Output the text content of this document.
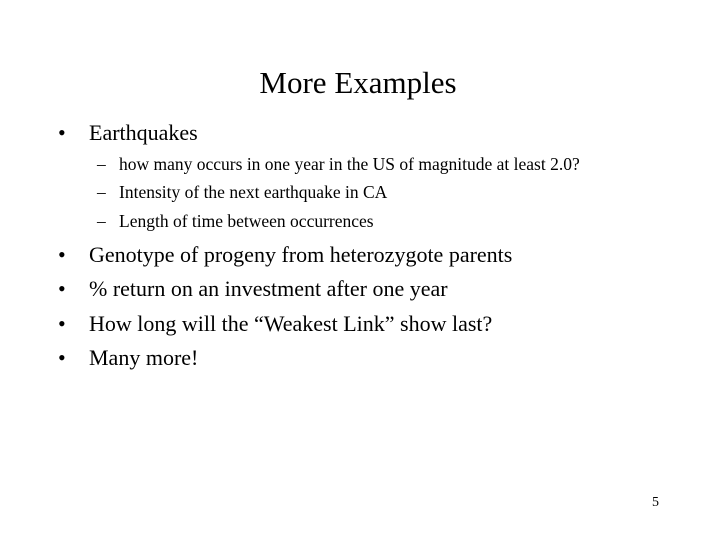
More Examples
• Earthquakes
– how many occurs in one year in the US of magnitude at least 2.0?
– Intensity of the next earthquake in CA
– Length of time between occurrences
• Genotype of progeny from heterozygote parents
• % return on an investment after one year
• How long will the “Weakest Link” show last?
• Many more!
5
